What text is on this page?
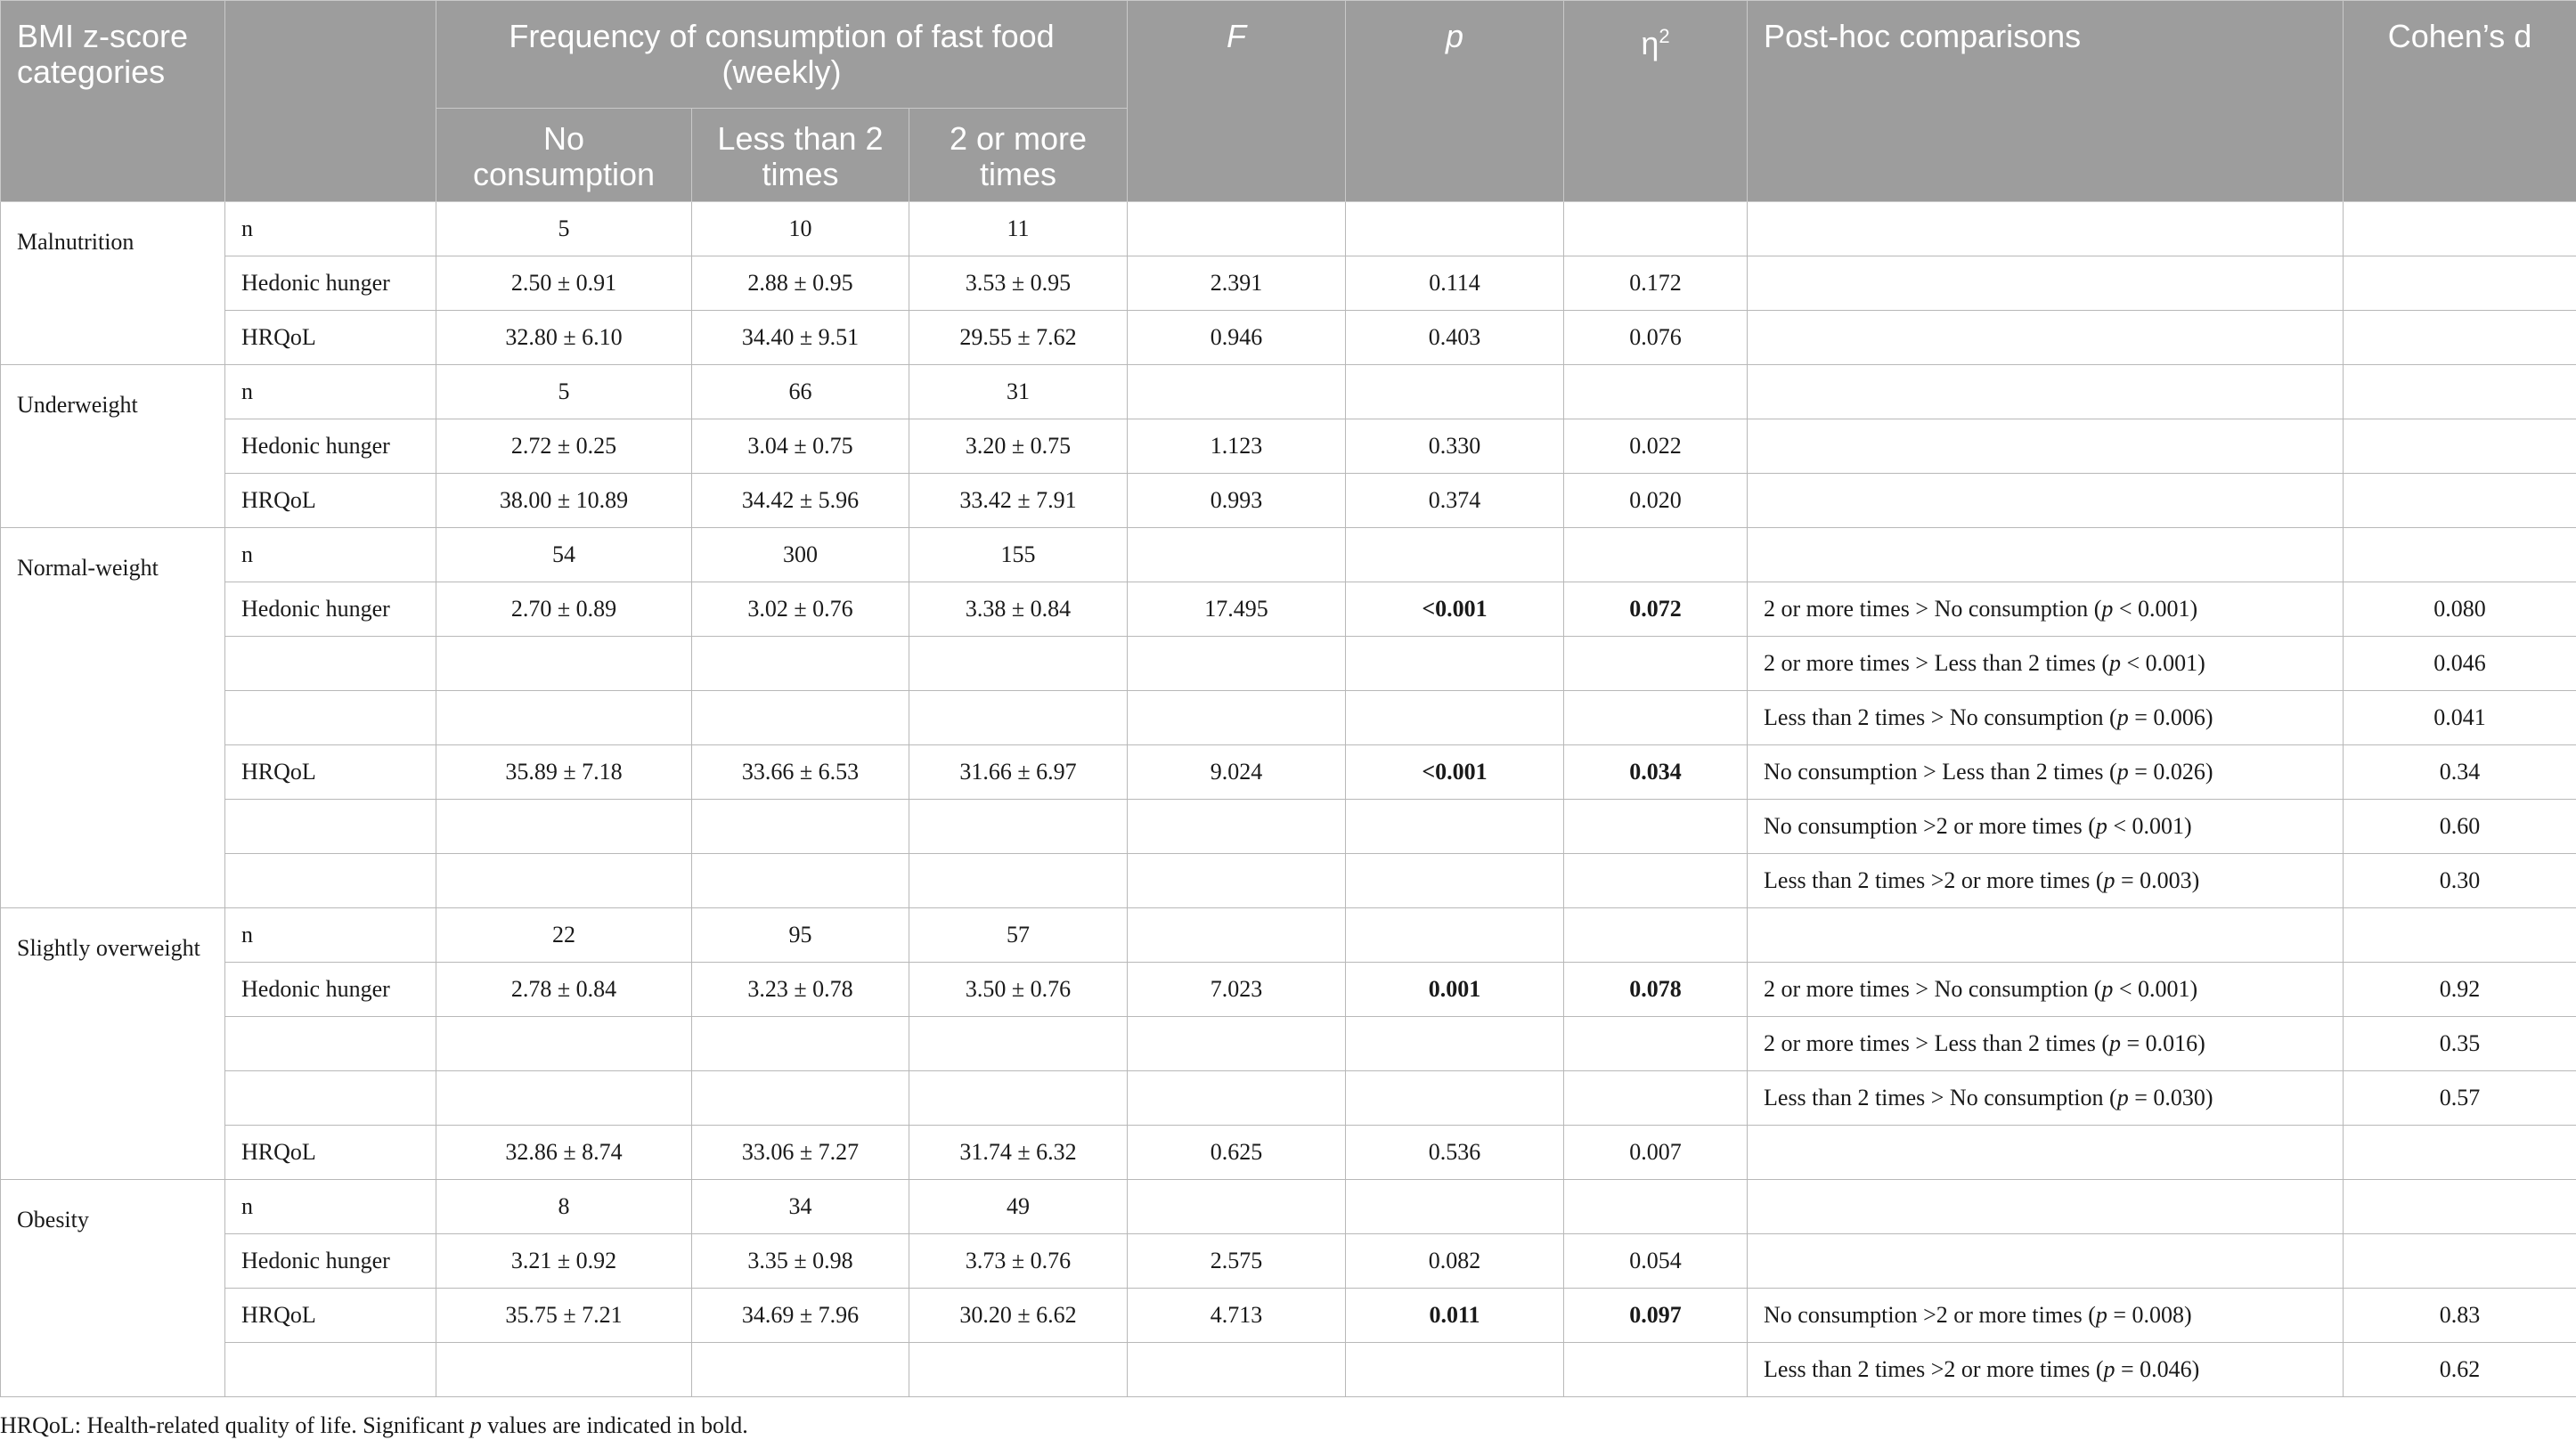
BMI z-score categories		Frequency of consumption of fast food (weekly)			F	p	$\eta^2$	Post-hoc comparisons	Cohen’s d
		No consumption	Less than 2 times	2 or more times					
Malnutrition	n	5	10	11					
	Hedonic hunger	2.50 ± 0.91	2.88 ± 0.95	3.53 ± 0.95	2.391	0.114	0.172		
	HRQoL	32.80 ± 6.10	34.40 ± 9.51	29.55 ± 7.62	0.946	0.403	0.076		
Underweight	n	5	66	31					
	Hedonic hunger	2.72 ± 0.25	3.04 ± 0.75	3.20 ± 0.75	1.123	0.330	0.022		
	HRQoL	38.00 ± 10.89	34.42 ± 5.96	33.42 ± 7.91	0.993	0.374	0.020		
Normal-weight	n	54	300	155					
	Hedonic hunger	2.70 ± 0.89	3.02 ± 0.76	3.38 ± 0.84	17.495	<0.001	0.072	2 or more times > No consumption (p < 0.001)	0.080
								2 or more times > Less than 2 times (p < 0.001)	0.046
								Less than 2 times > No consumption (p = 0.006)	0.041
	HRQoL	35.89 ± 7.18	33.66 ± 6.53	31.66 ± 6.97	9.024	<0.001	0.034	No consumption > Less than 2 times (p = 0.026)	0.34
								No consumption >2 or more times (p < 0.001)	0.60
								Less than 2 times >2 or more times (p = 0.003)	0.30
Slightly overweight	n	22	95	57					
	Hedonic hunger	2.78 ± 0.84	3.23 ± 0.78	3.50 ± 0.76	7.023	0.001	0.078	2 or more times > No consumption (p < 0.001)	0.92
								2 or more times > Less than 2 times (p = 0.016)	0.35
								Less than 2 times > No consumption (p = 0.030)	0.57
	HRQoL	32.86 ± 8.74	33.06 ± 7.27	31.74 ± 6.32	0.625	0.536	0.007		
Obesity	n	8	34	49					
	Hedonic hunger	3.21 ± 0.92	3.35 ± 0.98	3.73 ± 0.76	2.575	0.082	0.054		
	HRQoL	35.75 ± 7.21	34.69 ± 7.96	30.20 ± 6.62	4.713	0.011	0.097	No consumption >2 or more times (p = 0.008)	0.83
								Less than 2 times >2 or more times (p = 0.046)	0.62
HRQoL: Health-related quality of life. Significant p values are indicated in bold.
